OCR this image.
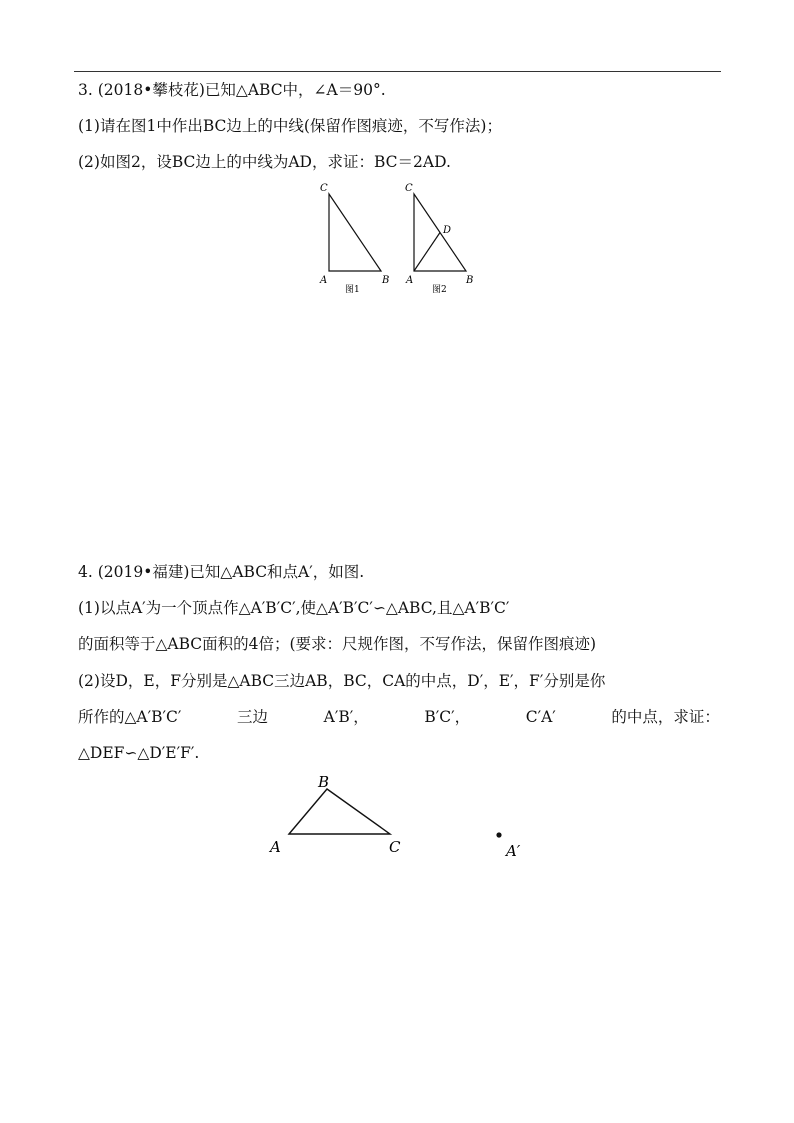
3. (2018•攀枝花)已知△ABC中，∠A＝90°.
(1)请在图1中作出BC边上的中线(保留作图痕迹，不写作法)；
(2)如图2，设BC边上的中线为AD，求证：BC＝2AD.
C
A	B
图1
C
D
A	B
图2
4. (2019•福建)已知△ABC和点A′，如图.
(1)以点A′为一个顶点作△A′B′C′,使△A′B′C′∽△ABC,且△A′B′C′
的面积等于△ABC面积的4倍；(要求：尺规作图，不写作法，保留作图痕迹)
(2)设D，E，F分别是△ABC三边AB，BC，CA的中点，D′，E′，F′分别是你
所作的△A′B′C′	三边	A′B′，	B′C′，	C′A′	的中点，求证：
△DEF∽△D′E′F′.
B
A	C	A′
